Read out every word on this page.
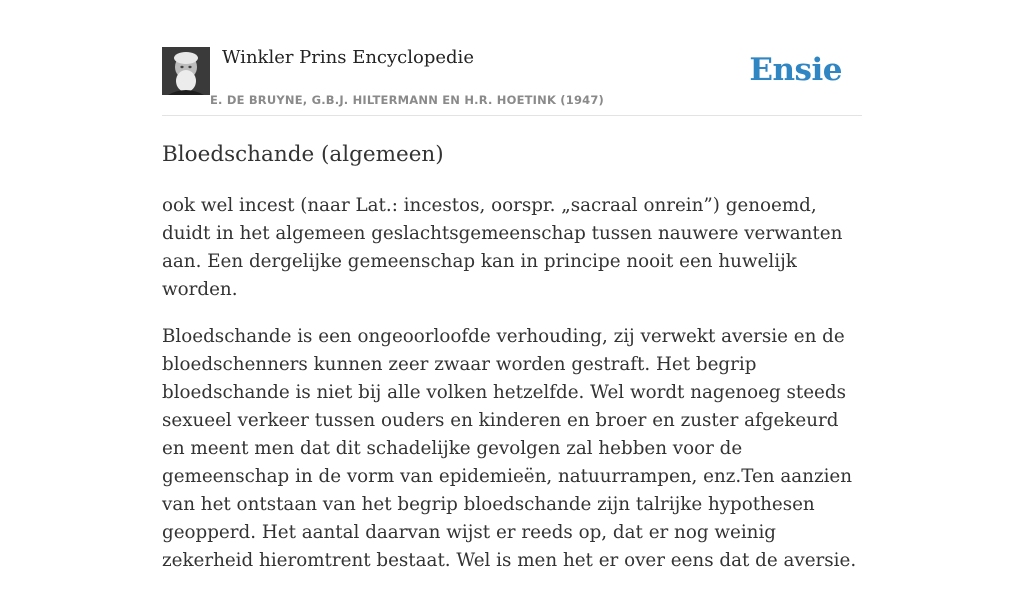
Winkler Prins Encyclopedie
E. DE BRUYNE, G.B.J. HILTERMANN EN H.R. HOETINK (1947)
Ensie
Bloedschande (algemeen)

ook wel incest (naar Lat.: incestos, oorspr. „sacraal onrein”) genoemd, duidt in het algemeen geslachtsgemeenschap tussen nauwere verwanten aan. Een dergelijke gemeenschap kan in principe nooit een huwelijk worden.

Bloedschande is een ongeoorloofde verhouding, zij verwekt aversie en de bloedschenners kunnen zeer zwaar worden gestraft. Het begrip bloedschande is niet bij alle volken hetzelfde. Wel wordt nagenoeg steeds sexueel verkeer tussen ouders en kinderen en broer en zuster afgekeurd en meent men dat dit schadelijke gevolgen zal hebben voor de gemeenschap in de vorm van epidemieën, natuurrampen, enz.Ten aanzien van het ontstaan van het begrip bloedschande zijn talrijke hypothesen geopperd. Het aantal daarvan wijst er reeds op, dat er nog weinig zekerheid hieromtrent bestaat. Wel is men het er over eens dat de aversie.
